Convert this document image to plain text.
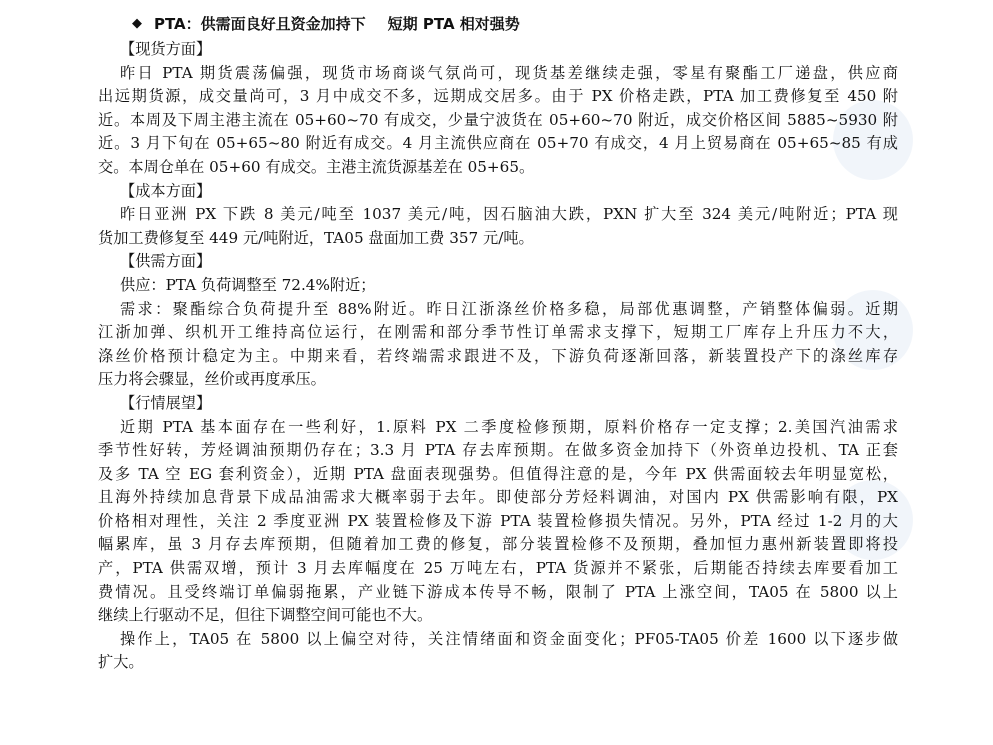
◆ PTA：供需面良好且资金加持下 短期 PTA 相对强势
【现货方面】
昨日 PTA 期货震荡偏强，现货市场商谈气氛尚可，现货基差继续走强，零星有聚酯工厂递盘，供应商
出远期货源，成交量尚可，3 月中成交不多，远期成交居多。由于 PX 价格走跌，PTA 加工费修复至 450 附
近。本周及下周主港主流在 05+60~70 有成交，少量宁波货在 05+60~70 附近，成交价格区间 5885~5930 附
近。3 月下旬在 05+65~80 附近有成交。4 月主流供应商在 05+70 有成交，4 月上贸易商在 05+65~85 有成
交。本周仓单在 05+60 有成交。主港主流货源基差在 05+65。
【成本方面】
昨日亚洲 PX 下跌 8 美元/吨至 1037 美元/吨，因石脑油大跌，PXN 扩大至 324 美元/吨附近；PTA 现
货加工费修复至 449 元/吨附近，TA05 盘面加工费 357 元/吨。
【供需方面】
供应：PTA 负荷调整至 72.4%附近；
需求：聚酯综合负荷提升至 88%附近。昨日江浙涤丝价格多稳，局部优惠调整，产销整体偏弱。近期
江浙加弹、织机开工维持高位运行，在刚需和部分季节性订单需求支撑下，短期工厂库存上升压力不大，
涤丝价格预计稳定为主。中期来看，若终端需求跟进不及，下游负荷逐渐回落，新装置投产下的涤丝库存
压力将会骤显，丝价或再度承压。
【行情展望】
近期 PTA 基本面存在一些利好，1.原料 PX 二季度检修预期，原料价格存一定支撑；2.美国汽油需求
季节性好转，芳烃调油预期仍存在；3.3 月 PTA 存去库预期。在做多资金加持下（外资单边投机、TA 正套
及多 TA 空 EG 套利资金），近期 PTA 盘面表现强势。但值得注意的是，今年 PX 供需面较去年明显宽松，
且海外持续加息背景下成品油需求大概率弱于去年。即使部分芳烃料调油，对国内 PX 供需影响有限，PX
价格相对理性，关注 2 季度亚洲 PX 装置检修及下游 PTA 装置检修损失情况。另外，PTA 经过 1-2 月的大
幅累库，虽 3 月存去库预期，但随着加工费的修复，部分装置检修不及预期，叠加恒力惠州新装置即将投
产，PTA 供需双增，预计 3 月去库幅度在 25 万吨左右，PTA 货源并不紧张，后期能否持续去库要看加工
费情况。且受终端订单偏弱拖累，产业链下游成本传导不畅，限制了 PTA 上涨空间，TA05 在 5800 以上
继续上行驱动不足，但往下调整空间可能也不大。
操作上，TA05 在 5800 以上偏空对待，关注情绪面和资金面变化；PF05-TA05 价差 1600 以下逐步做
扩大。
